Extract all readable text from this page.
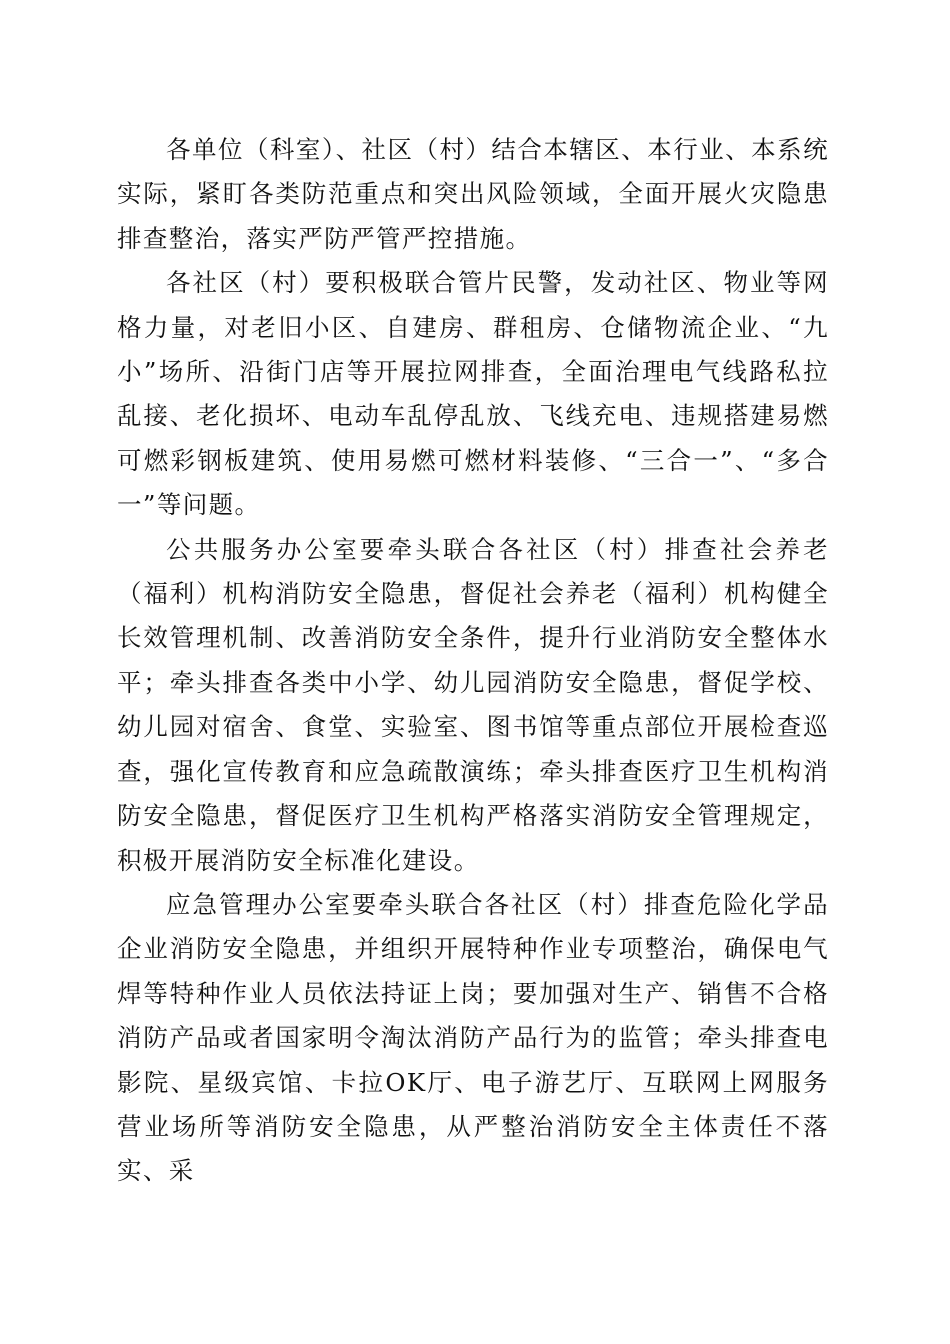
各单位（科室）、社区（村）结合本辖区、本行业、本系统实际，紧盯各类防范重点和突出风险领域，全面开展火灾隐患排查整治，落实严防严管严控措施。

各社区（村）要积极联合管片民警，发动社区、物业等网格力量，对老旧小区、自建房、群租房、仓储物流企业、“九小”场所、沿街门店等开展拉网排查，全面治理电气线路私拉乱接、老化损坏、电动车乱停乱放、飞线充电、违规搭建易燃可燃彩钢板建筑、使用易燃可燃材料装修、“三合一”、“多合一”等问题。

公共服务办公室要牵头联合各社区（村）排查社会养老（福利）机构消防安全隐患，督促社会养老（福利）机构健全长效管理机制、改善消防安全条件，提升行业消防安全整体水平；牵头排查各类中小学、幼儿园消防安全隐患，督促学校、幼儿园对宿舍、食堂、实验室、图书馆等重点部位开展检查巡查，强化宣传教育和应急疏散演练；牵头排查医疗卫生机构消防安全隐患，督促医疗卫生机构严格落实消防安全管理规定，积极开展消防安全标准化建设。

应急管理办公室要牵头联合各社区（村）排查危险化学品企业消防安全隐患，并组织开展特种作业专项整治，确保电气焊等特种作业人员依法持证上岗；要加强对生产、销售不合格消防产品或者国家明令淘汰消防产品行为的监管；牵头排查电影院、星级宾馆、卡拉OK厅、电子游艺厅、互联网上网服务营业场所等消防安全隐患，从严整治消防安全主体责任不落实、采
